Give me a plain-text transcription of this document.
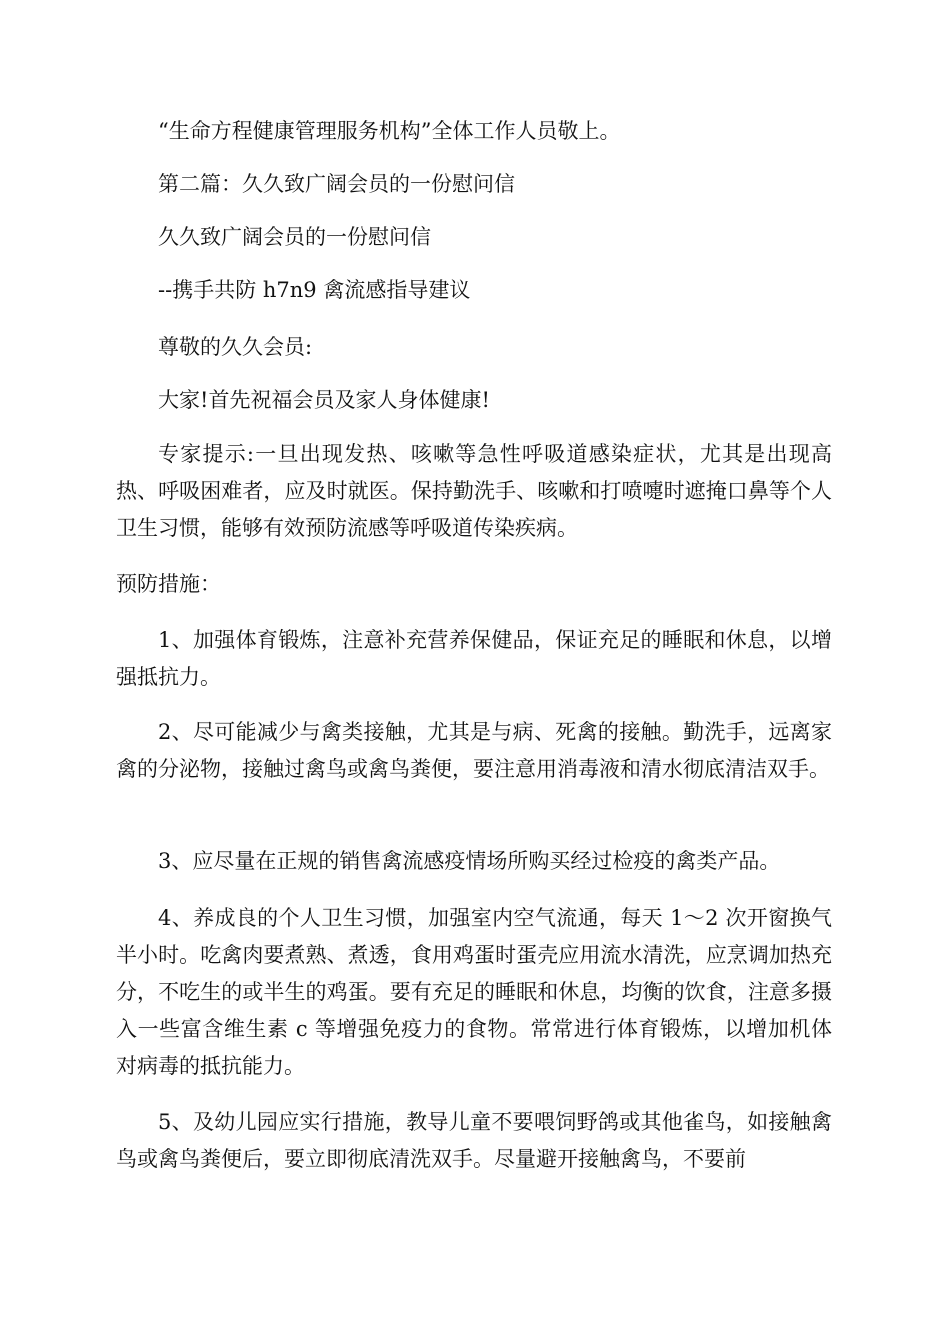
“生命方程健康管理服务机构”全体工作人员敬上。

第二篇：久久致广阔会员的一份慰问信

久久致广阔会员的一份慰问信

--携手共防 h7n9 禽流感指导建议

尊敬的久久会员:

大家!首先祝福会员及家人身体健康!

专家提示:一旦出现发热、咳嗽等急性呼吸道感染症状，尤其是出现高热、呼吸困难者，应及时就医。保持勤洗手、咳嗽和打喷嚏时遮掩口鼻等个人卫生习惯，能够有效预防流感等呼吸道传染疾病。

预防措施：

1、加强体育锻炼，注意补充营养保健品，保证充足的睡眠和休息，以增强抵抗力。

2、尽可能减少与禽类接触，尤其是与病、死禽的接触。勤洗手，远离家禽的分泌物，接触过禽鸟或禽鸟粪便，要注意用消毒液和清水彻底清洁双手。

3、应尽量在正规的销售禽流感疫情场所购买经过检疫的禽类产品。

4、养成良的个人卫生习惯，加强室内空气流通，每天 1～2 次开窗换气半小时。吃禽肉要煮熟、煮透，食用鸡蛋时蛋壳应用流水清洗，应烹调加热充分，不吃生的或半生的鸡蛋。要有充足的睡眠和休息，均衡的饮食，注意多摄入一些富含维生素 c 等增强免疫力的食物。常常进行体育锻炼，以增加机体对病毒的抵抗能力。

5、及幼儿园应实行措施，教导儿童不要喂饲野鸽或其他雀鸟，如接触禽鸟或禽鸟粪便后，要立即彻底清洗双手。尽量避开接触禽鸟，不要前
